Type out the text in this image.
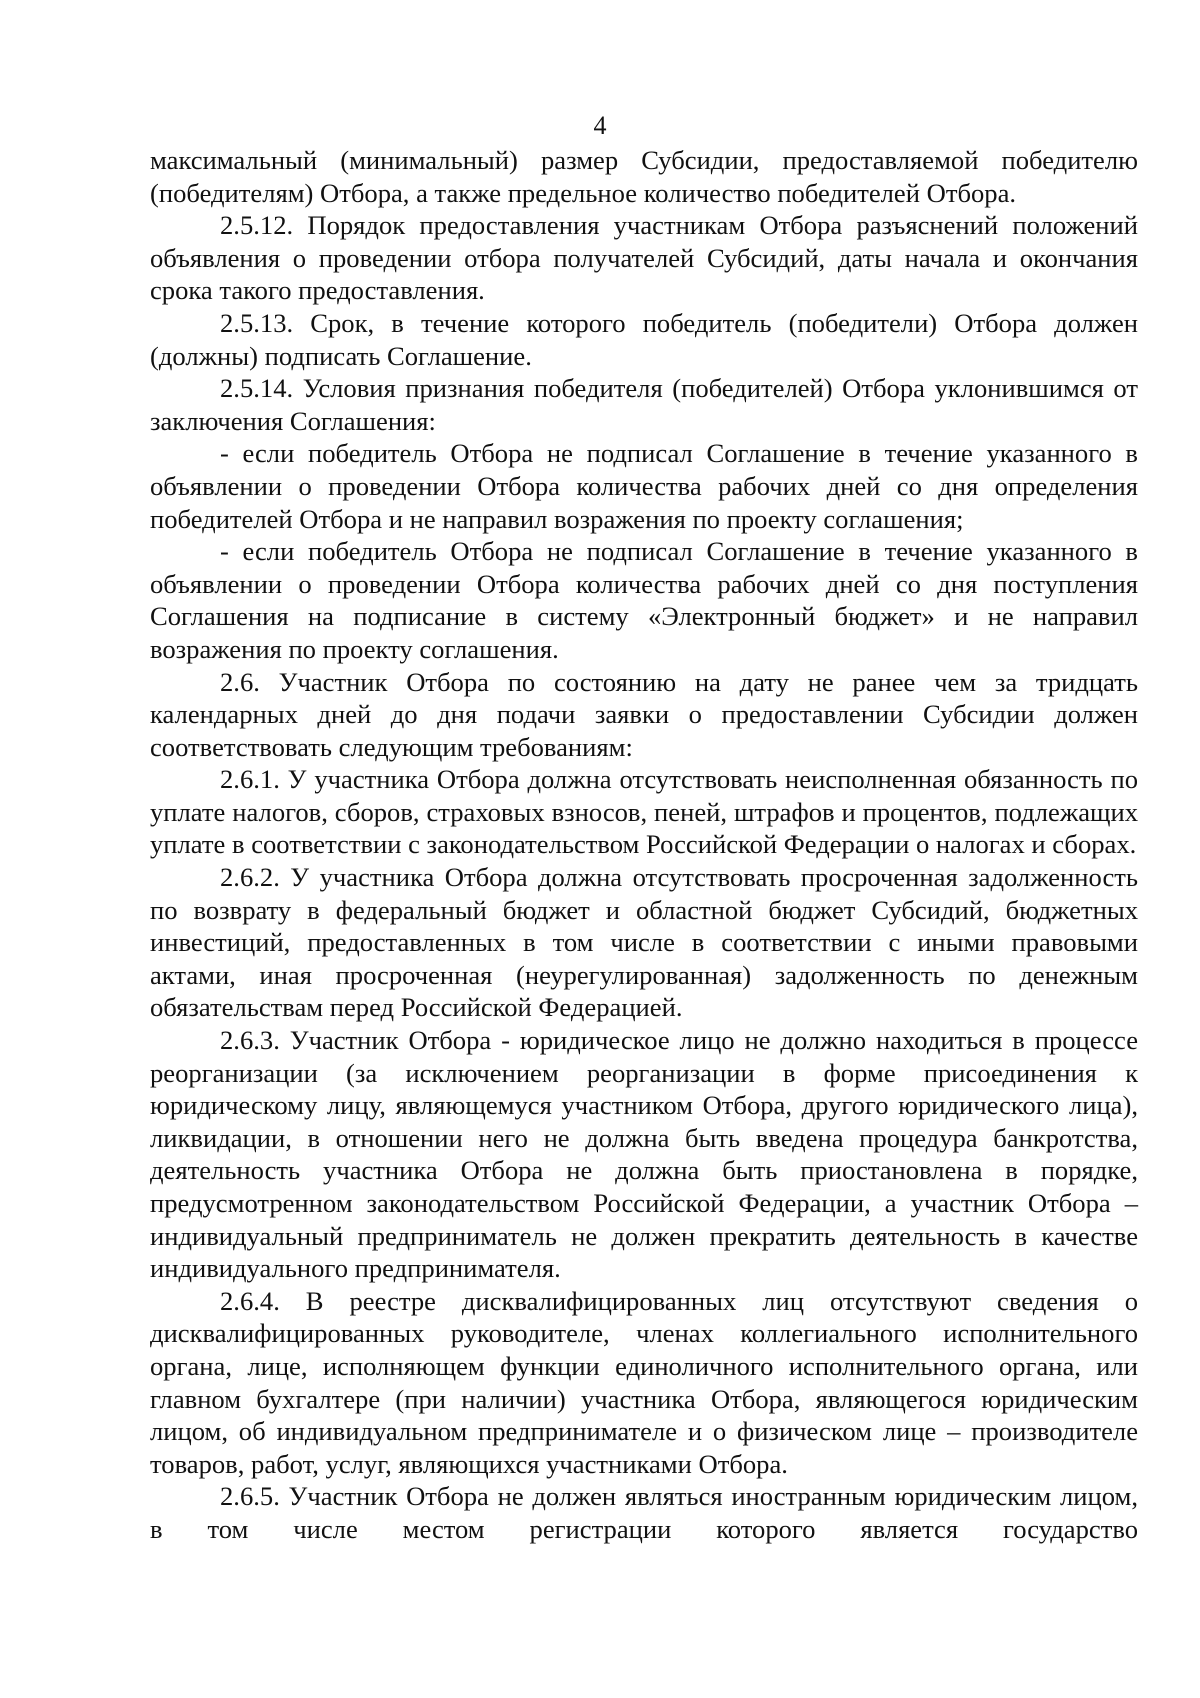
4

максимальный (минимальный) размер Субсидии, предоставляемой победителю (победителям) Отбора, а также предельное количество победителей Отбора.

2.5.12. Порядок предоставления участникам Отбора разъяснений положений объявления о проведении отбора получателей Субсидий, даты начала и окончания срока такого предоставления.

2.5.13. Срок, в течение которого победитель (победители) Отбора должен (должны) подписать Соглашение.

2.5.14. Условия признания победителя (победителей) Отбора уклонившимся от заключения Соглашения:

- если победитель Отбора не подписал Соглашение в течение указанного в объявлении о проведении Отбора количества рабочих дней со дня определения победителей Отбора и не направил возражения по проекту соглашения;

- если победитель Отбора не подписал Соглашение в течение указанного в объявлении о проведении Отбора количества рабочих дней со дня поступления Соглашения на подписание в систему «Электронный бюджет» и не направил возражения по проекту соглашения.

2.6. Участник Отбора по состоянию на дату не ранее чем за тридцать календарных дней до дня подачи заявки о предоставлении Субсидии должен соответствовать следующим требованиям:

2.6.1. У участника Отбора должна отсутствовать неисполненная обязанность по уплате налогов, сборов, страховых взносов, пеней, штрафов и процентов, подлежащих уплате в соответствии с законодательством Российской Федерации о налогах и сборах.

2.6.2. У участника Отбора должна отсутствовать просроченная задолженность по возврату в федеральный бюджет и областной бюджет Субсидий, бюджетных инвестиций, предоставленных в том числе в соответствии с иными правовыми актами, иная просроченная (неурегулированная) задолженность по денежным обязательствам перед Российской Федерацией.

2.6.3. Участник Отбора - юридическое лицо не должно находиться в процессе реорганизации (за исключением реорганизации в форме присоединения к юридическому лицу, являющемуся участником Отбора, другого юридического лица), ликвидации, в отношении него не должна быть введена процедура банкротства, деятельность участника Отбора не должна быть приостановлена в порядке, предусмотренном законодательством Российской Федерации, а участник Отбора – индивидуальный предприниматель не должен прекратить деятельность в качестве индивидуального предпринимателя.

2.6.4. В реестре дисквалифицированных лиц отсутствуют сведения о дисквалифицированных руководителе, членах коллегиального исполнительного органа, лице, исполняющем функции единоличного исполнительного органа, или главном бухгалтере (при наличии) участника Отбора, являющегося юридическим лицом, об индивидуальном предпринимателе и о физическом лице – производителе товаров, работ, услуг, являющихся участниками Отбора.

2.6.5. Участник Отбора не должен являться иностранным юридическим лицом, в том числе местом регистрации которого является государство
